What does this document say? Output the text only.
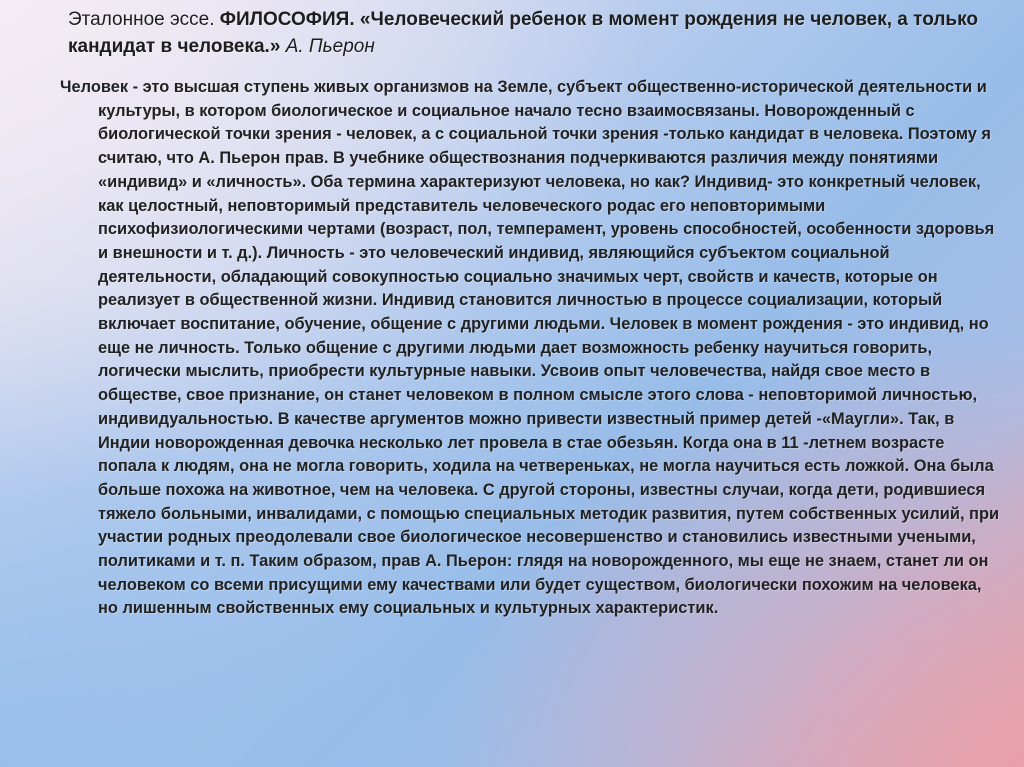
Эталонное эссе. ФИЛОСОФИЯ. «Человеческий ребенок в момент рождения не человек, а только кандидат в человека.» А. Пьерон

Человек - это высшая ступень живых организмов на Земле, субъект общественно-исторической деятельности и культуры, в котором биологическое и социальное начало тесно взаимосвязаны. Новорожденный с биологической точки зрения - человек, а с социальной точки зрения -только кандидат в человека. Поэтому я считаю, что А. Пьерон прав. В учебнике обществознания подчеркиваются различия между понятиями «индивид» и «личность». Оба термина характеризуют человека, но как? Индивид- это конкретный человек, как целостный, неповторимый представитель человеческого родас его неповторимыми психофизиологическими чертами (возраст, пол, темперамент, уровень способностей, особенности здоровья и внешности и т. д.). Личность - это человеческий индивид, являющийся субъектом социальной деятельности, обладающий совокупностью социально значимых черт, свойств и качеств, которые он реализует в общественной жизни. Индивид становится личностью в процессе социализации, который включает воспитание, обучение, общение с другими людьми. Человек в момент рождения - это индивид, но еще не личность. Только общение с другими людьми дает возможность ребенку научиться говорить, логически мыслить, приобрести культурные навыки. Усвоив опыт человечества, найдя свое место в обществе, свое признание, он станет человеком в полном смысле этого слова - неповторимой личностью, индивидуальностью. В качестве аргументов можно привести известный пример детей -«Маугли». Так, в Индии новорожденная девочка несколько лет провела в стае обезьян. Когда она в 11 -летнем возрасте попала к людям, она не могла говорить, ходила на четвереньках, не могла научиться есть ложкой. Она была больше похожа на животное, чем на человека. С другой стороны, известны случаи, когда дети, родившиеся тяжело больными, инвалидами, с помощью специальных методик развития, путем собственных усилий, при участии родных преодолевали свое биологическое несовершенство и становились известными учеными, политиками и т. п. Таким образом, прав А. Пьерон: глядя на новорожденного, мы еще не знаем, станет ли он человеком со всеми присущими ему качествами или будет существом, биологически похожим на человека, но лишенным свойственных ему социальных и культурных характеристик.
